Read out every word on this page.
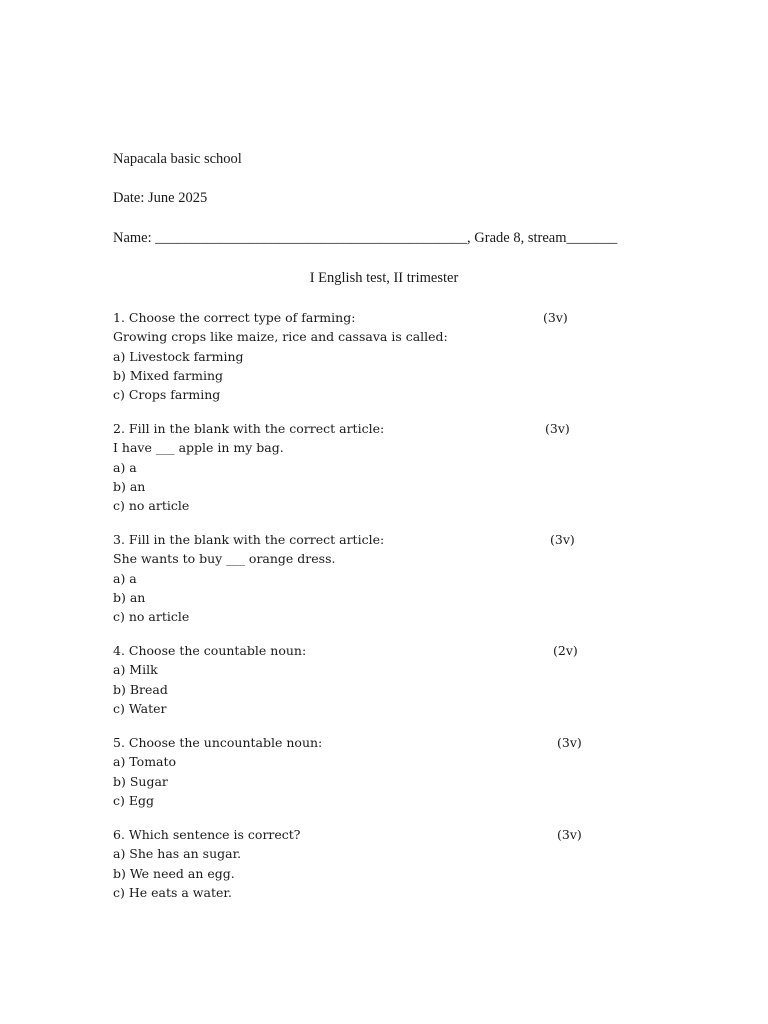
Napacala basic school
Date: June 2025
Name: ___________________________________________, Grade 8, stream_______
I English test, II trimester
1. Choose the correct type of farming:
Growing crops like maize, rice and cassava is called:
a) Livestock farming
b) Mixed farming
c) Crops farming
(3v)
2. Fill in the blank with the correct article:
I have ___ apple in my bag.
a) a
b) an
c) no article
(3v)
3. Fill in the blank with the correct article:
She wants to buy ___ orange dress.
a) a
b) an
c) no article
(3v)
4. Choose the countable noun:
a) Milk
b) Bread
c) Water
(2v)
5. Choose the uncountable noun:
a) Tomato
b) Sugar
c) Egg
(3v)
6. Which sentence is correct?
a) She has an sugar.
b) We need an egg.
c) He eats a water.
(3v)
